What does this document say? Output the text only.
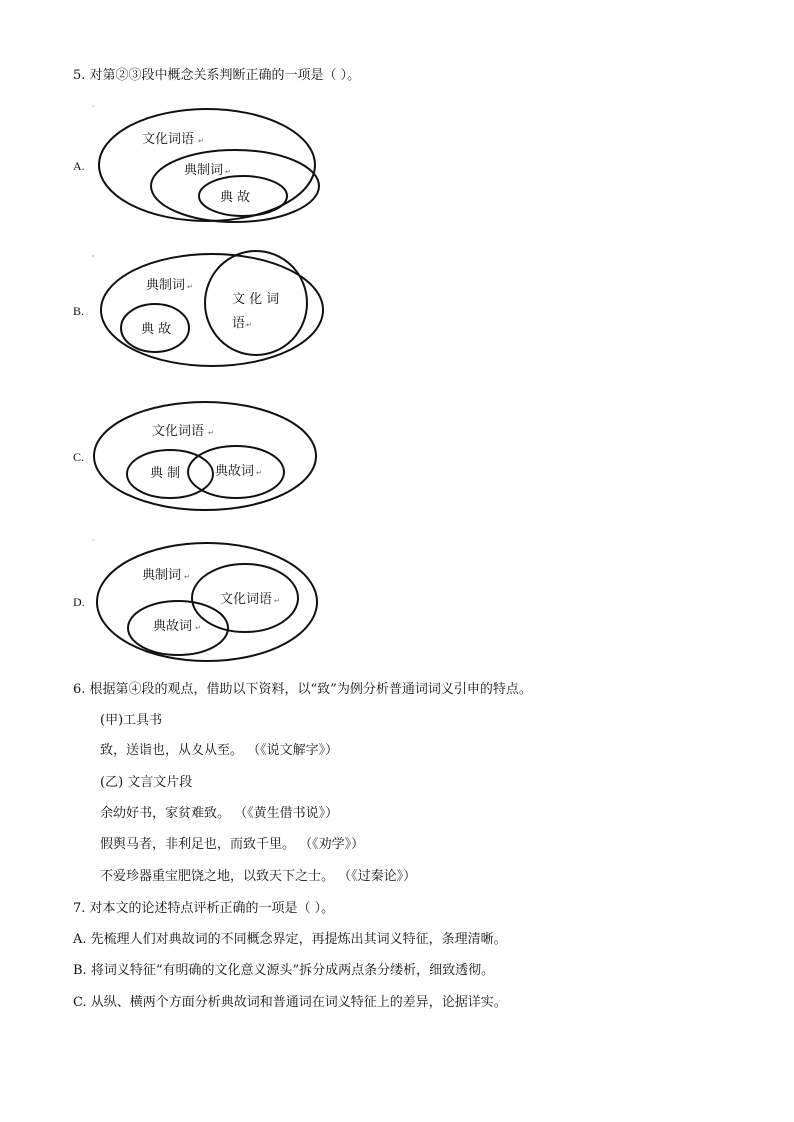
5. 对第②③段中概念关系判断正确的一项是（ ）。
'
A.
文化词语 ↵
典制词 ↵
典 故
'
B.
典制词 ↵
典 故
文 化 词
语 ↵
C.
文化词语 ↵
典 制	典故词 ↵
'
D.
典制词 ↵
文化词语 ↵
典故词 ↵
6. 根据第④段的观点，借助以下资料，以“致”为例分析普通词词义引申的特点。
(甲)工具书
致，送诣也，从夊从至。 （《说文解字》）
(乙) 文言文片段
余幼好书，家贫难致。 （《黄生借书说》）
假舆马者，非利足也，而致千里。 （《劝学》）
不爱珍器重宝肥饶之地，以致天下之士。 （《过秦论》）
7. 对本文的论述特点评析正确的一项是（ ）。
A. 先梳理人们对典故词的不同概念界定，再提炼出其词义特征，条理清晰。
B. 将词义特征“有明确的文化意义源头”拆分成两点条分缕析，细致透彻。
C. 从纵、横两个方面分析典故词和普通词在词义特征上的差异，论据详实。
